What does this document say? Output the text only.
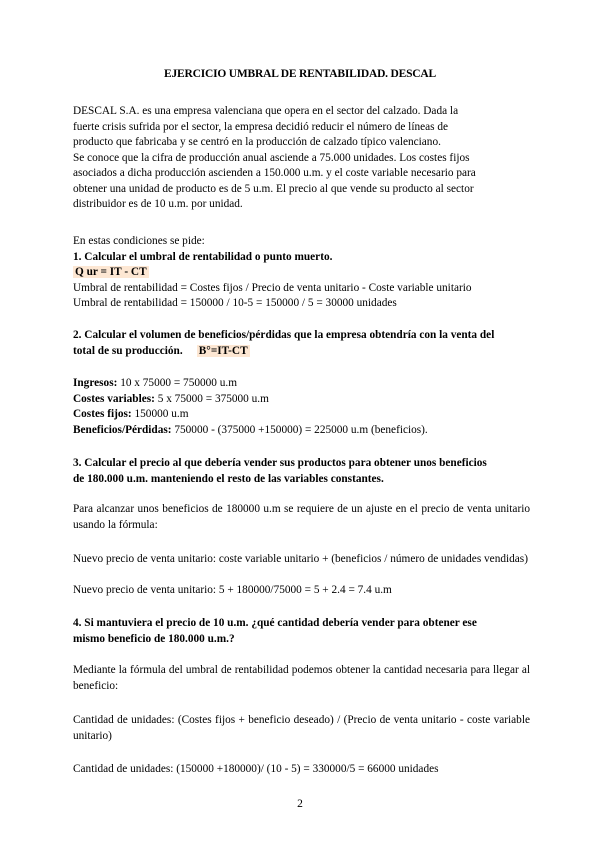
EJERCICIO UMBRAL DE RENTABILIDAD. DESCAL
DESCAL S.A. es una empresa valenciana que opera en el sector del calzado. Dada la
fuerte crisis sufrida por el sector, la empresa decidió reducir el número de líneas de
producto que fabricaba y se centró en la producción de calzado típico valenciano.
Se conoce que la cifra de producción anual asciende a 75.000 unidades. Los costes fijos
asociados a dicha producción ascienden a 150.000 u.m. y el coste variable necesario para
obtener una unidad de producto es de 5 u.m. El precio al que vende su producto al sector
distribuidor es de 10 u.m. por unidad.
En estas condiciones se pide:
1. Calcular el umbral de rentabilidad o punto muerto.
Q ur = IT - CT
Umbral de rentabilidad = Costes fijos / Precio de venta unitario - Coste variable unitario
Umbral de rentabilidad = 150000 / 10-5 = 150000 / 5 = 30000 unidades
2. Calcular el volumen de beneficios/pérdidas que la empresa obtendría con la venta del
total de su producción. B°=IT-CT
Ingresos: 10 x 75000 = 750000 u.m
Costes variables: 5 x 75000 = 375000 u.m
Costes fijos: 150000 u.m
Beneficios/Pérdidas: 750000 - (375000 +150000) = 225000 u.m (beneficios).
3. Calcular el precio al que debería vender sus productos para obtener unos beneficios
de 180.000 u.m. manteniendo el resto de las variables constantes.
Para alcanzar unos beneficios de 180000 u.m se requiere de un ajuste en el precio de venta unitario usando la fórmula:
Nuevo precio de venta unitario: coste variable unitario + (beneficios / número de unidades vendidas)
Nuevo precio de venta unitario: 5 + 180000/75000 = 5 + 2.4 = 7.4 u.m
4. Si mantuviera el precio de 10 u.m. ¿qué cantidad debería vender para obtener ese
mismo beneficio de 180.000 u.m.?
Mediante la fórmula del umbral de rentabilidad podemos obtener la cantidad necesaria para llegar al beneficio:
Cantidad de unidades: (Costes fijos + beneficio deseado) / (Precio de venta unitario - coste variable unitario)
Cantidad de unidades: (150000 +180000)/ (10 - 5) = 330000/5 = 66000 unidades
2
